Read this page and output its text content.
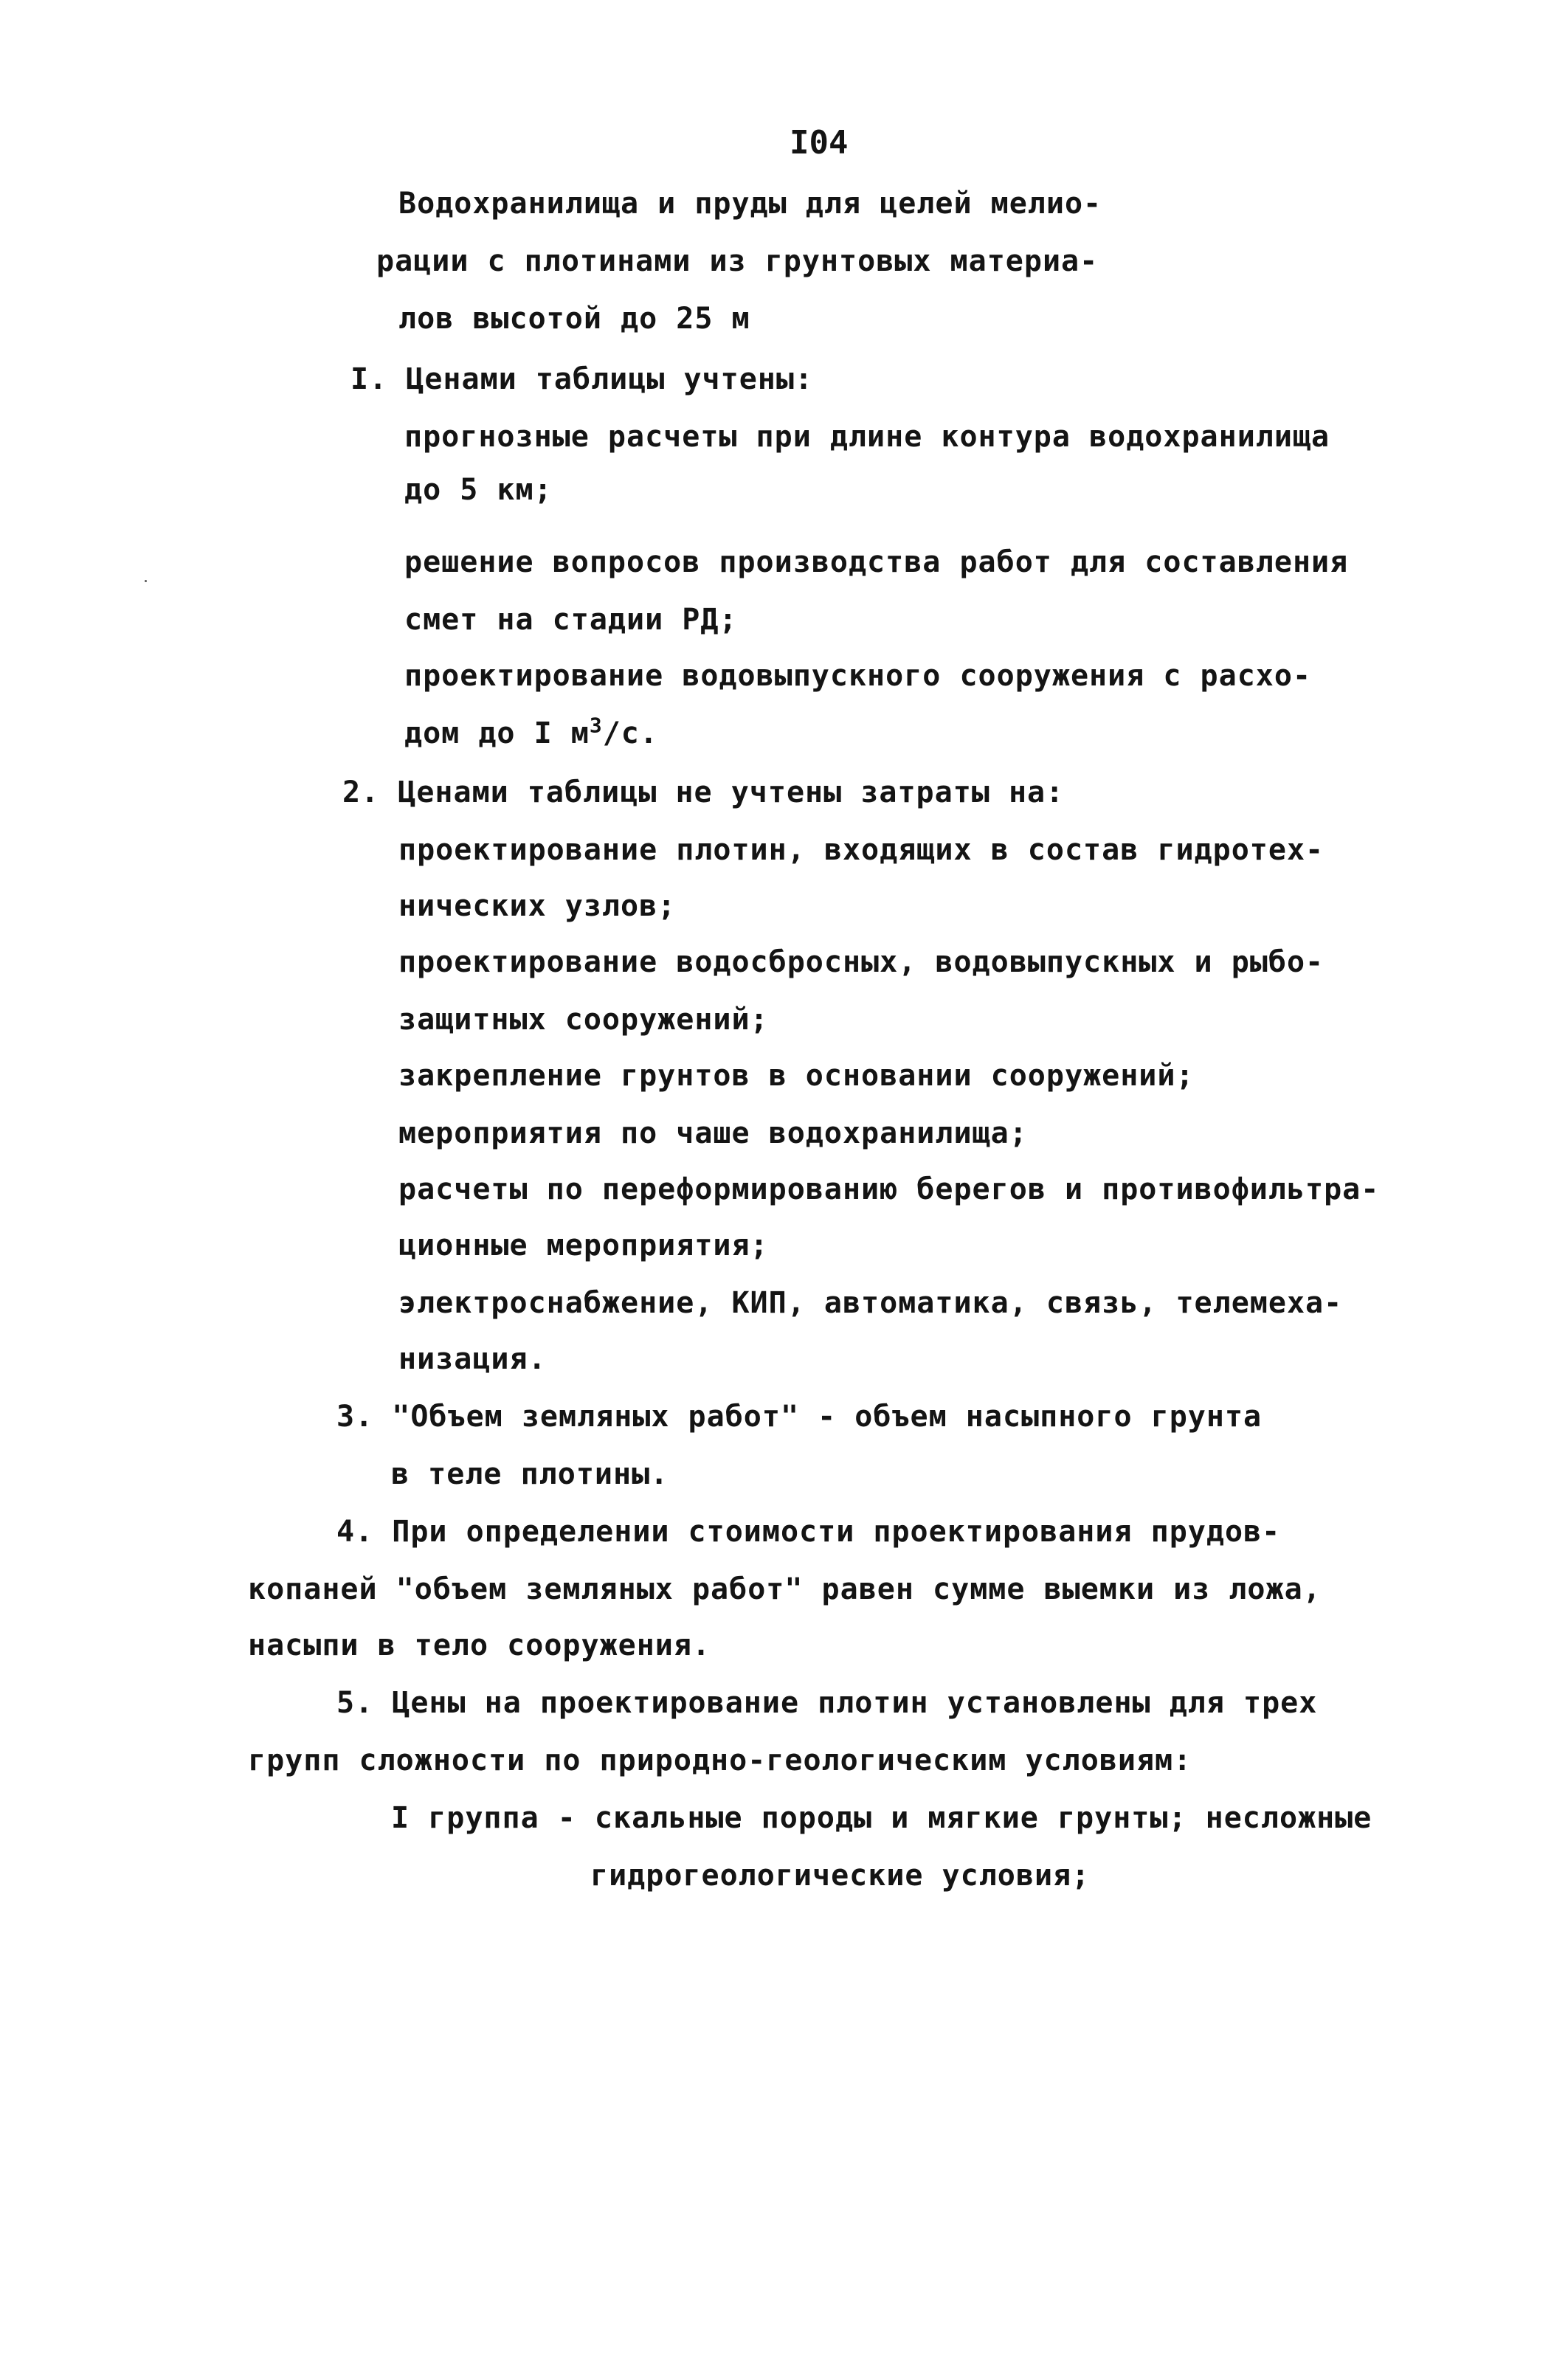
I04
Водохранилища и пруды для целей мелио-
рации с плотинами из грунтовых материа-
лов высотой до 25 м
I. Ценами таблицы учтены:
прогнозные расчеты при длине контура водохранилища
до 5 км;
решение вопросов производства работ для составления
смет на стадии РД;
проектирование водовыпускного сооружения с расхо-
дом до I $м^3/с$.
2. Ценами таблицы не учтены затраты на:
проектирование плотин, входящих в состав гидротех-
нических узлов;
проектирование водосбросных, водовыпускных и рыбо-
защитных сооружений;
закрепление грунтов в основании сооружений;
мероприятия по чаше водохранилища;
расчеты по переформированию берегов и противофильтра-
ционные мероприятия;
электроснабжение, КИП, автоматика, связь, телемеха-
низация.
3. "Объем земляных работ" - объем насыпного грунта
в теле плотины.
4. При определении стоимости проектирования прудов-
копаней "объем земляных работ" равен сумме выемки из ложа,
насыпи в тело сооружения.
5. Цены на проектирование плотин установлены для трех
групп сложности по природно-геологическим условиям:
I группа - скальные породы и мягкие грунты; несложные
гидрогеологические условия;
